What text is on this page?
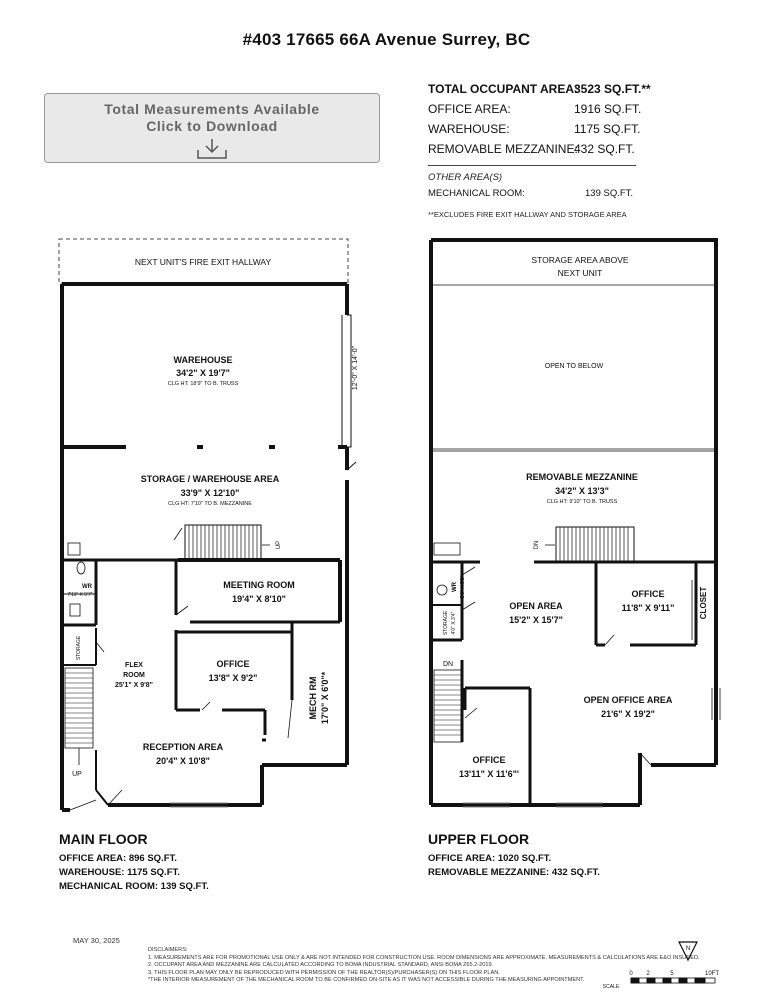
#403 17665 66A Avenue Surrey, BC
Total Measurements Available
Click to Download
TOTAL OCCUPANT AREA:
3523 SQ.FT.**
OFFICE AREA:	1916 SQ.FT.
WAREHOUSE:	1175 SQ.FT.
REMOVABLE MEZZANINE:
432 SQ.FT.
OTHER AREA(S)
MECHANICAL ROOM:	139 SQ.FT.
**EXCLUDES FIRE EXIT HALLWAY AND STORAGE AREA
NEXT UNIT'S FIRE EXIT HALLWAY
WAREHOUSE
34'2" X 19'7"
CLG HT: 18'9" TO B. TRUSS	12'-0" X 14'-0"
STORAGE / WAREHOUSE AREA
33'9" X 12'10"
CLG HT: 7'10" TO B. MEZZANINE
UP
WR
7'11" X 5'7"
STORAGE
MEETING ROOM
19'4" X 8'10"
FLEX
ROOM
25'1" X 9'8"
OFFICE
13'8" X 9'2"	MECH RM 17'0" X 6'0"*
RECEPTION AREA
20'4" X 10'8"
UP
STORAGE AREA ABOVE
NEXT UNIT
OPEN TO BELOW
REMOVABLE MEZZANINE
34'2" X 13'3"
CLG HT: 9'10" TO B. TRUSS
DN
WR 5'0" X 5'9"
STORAGE 4'0" X 3'4"
OPEN AREA
15'2" X 15'7"
OFFICE
11'8" X 9'11"	CLOSET
DN
OPEN OFFICE AREA
21'6" X 19'2"
OFFICE
13'11" X 11'6"'
N
0 2	5	10FT
SCALE
MAIN FLOOR
OFFICE AREA: 896 SQ.FT.
WAREHOUSE: 1175 SQ.FT.
MECHANICAL ROOM: 139 SQ.FT.
UPPER FLOOR
OFFICE AREA: 1020 SQ.FT.
REMOVABLE MEZZANINE: 432 SQ.FT.
MAY 30, 2025
DISCLAIMERS:
1. MEASUREMENTS ARE FOR PROMOTIONAL USE ONLY & ARE NOT INTENDED FOR CONSTRUCTION USE. ROOM DIMENSIONS ARE APPROXIMATE. MEASUREMENTS & CALCULATIONS ARE E&O INSURED.
2. OCCUPANT AREA AND MEZZANINE ARE CALCULATED ACCORDING TO BOMA INDUSTRIAL STANDARD, ANSI BOMA Z65.2-2019.
3. THIS FLOOR PLAN MAY ONLY BE REPRODUCED WITH PERMISSION OF THE REALTOR(S)/PURCHASER(S) ON THIS FLOOR PLAN.
*THE INTERIOR MEASUREMENT OF THE MECHANICAL ROOM TO BE CONFIRMED ON-SITE AS IT WAS NOT ACCESSIBLE DURING THE MEASURING APPOINTMENT.
